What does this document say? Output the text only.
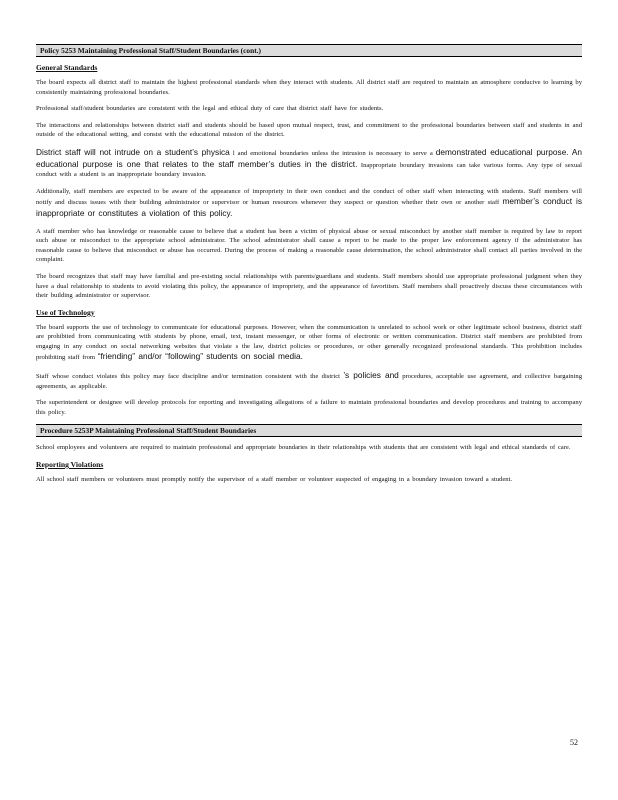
Policy 5253 Maintaining Professional Staff/Student Boundaries (cont.)
General Standards

The board expects all district staff to maintain the highest professional standards when they interact with students. All district staff are required to maintain an atmosphere conducive to learning by consistently maintaining professional boundaries.

Professional staff/student boundaries are consistent with the legal and ethical duty of care that district staff have for students.

The interactions and relationships between district staff and students should be based upon mutual respect, trust, and commitment to the professional boundaries between staff and students in and outside of the educational setting, and consist with the educational mission of the district.

District staff will not intrude on a student’s physica l and emotional boundaries unless the intrusion is necessary to serve a demonstrated educational purpose. An educational purpose is one that relates to the staff member’s duties in the district. Inappropriate boundary invasions can take various forms. Any type of sexual conduct with a student is an inappropriate boundary invasion.

Additionally, staff members are expected to be aware of the appearance of impropriety in their own conduct and the conduct of other staff when interacting with students. Staff members will notify and discuss issues with their building administrator or supervisor or human resources whenever they suspect or question whether their own or another staff member’s conduct is inappropriate or constitutes a violation of this policy.

A staff member who has knowledge or reasonable cause to believe that a student has been a victim of physical abuse or sexual misconduct by another staff member is required by law to report such abuse or misconduct to the appropriate school administrator. The school administrator shall cause a report to be made to the proper law enforcement agency if the administrator has reasonable cause to believe that misconduct or abuse has occurred. During the process of making a reasonable cause determination, the school administrator shall contact all parties involved in the complaint.

The board recognizes that staff may have familial and pre-existing social relationships with parents/guardians and students. Staff members should use appropriate professional judgment when they have a dual relationship to students to avoid violating this policy, the appearance of impropriety, and the appearance of favoritism. Staff members shall proactively discuss these circumstances with their building administrator or supervisor.

Use of Technology

The board supports the use of technology to communicate for educational purposes. However, when the communication is unrelated to school work or other legitimate school business, district staff are prohibited from communicating with students by phone, email, text, instant messenger, or other forms of electronic or written communication. District staff members are prohibited from engaging in any conduct on social networking websites that violate s the law, district policies or procedures, or other generally recognized professional standards. This prohibition includes prohibiting staff from “friending” and/or “following” students on social media.

Staff whose conduct violates this policy may face discipline and/or termination consistent with the district ’s policies and procedures, acceptable use agreement, and collective bargaining agreements, as applicable.

The superintendent or designee will develop protocols for reporting and investigating allegations of a failure to maintain professional boundaries and develop procedures and training to accompany this policy.

Procedure 5253P Maintaining Professional Staff/Student Boundaries

School employees and volunteers are required to maintain professional and appropriate boundaries in their relationships with students that are consistent with legal and ethical standards of care.

Reporting Violations

All school staff members or volunteers must promptly notify the supervisor of a staff member or volunteer suspected of engaging in a boundary invasion toward a student.

52
